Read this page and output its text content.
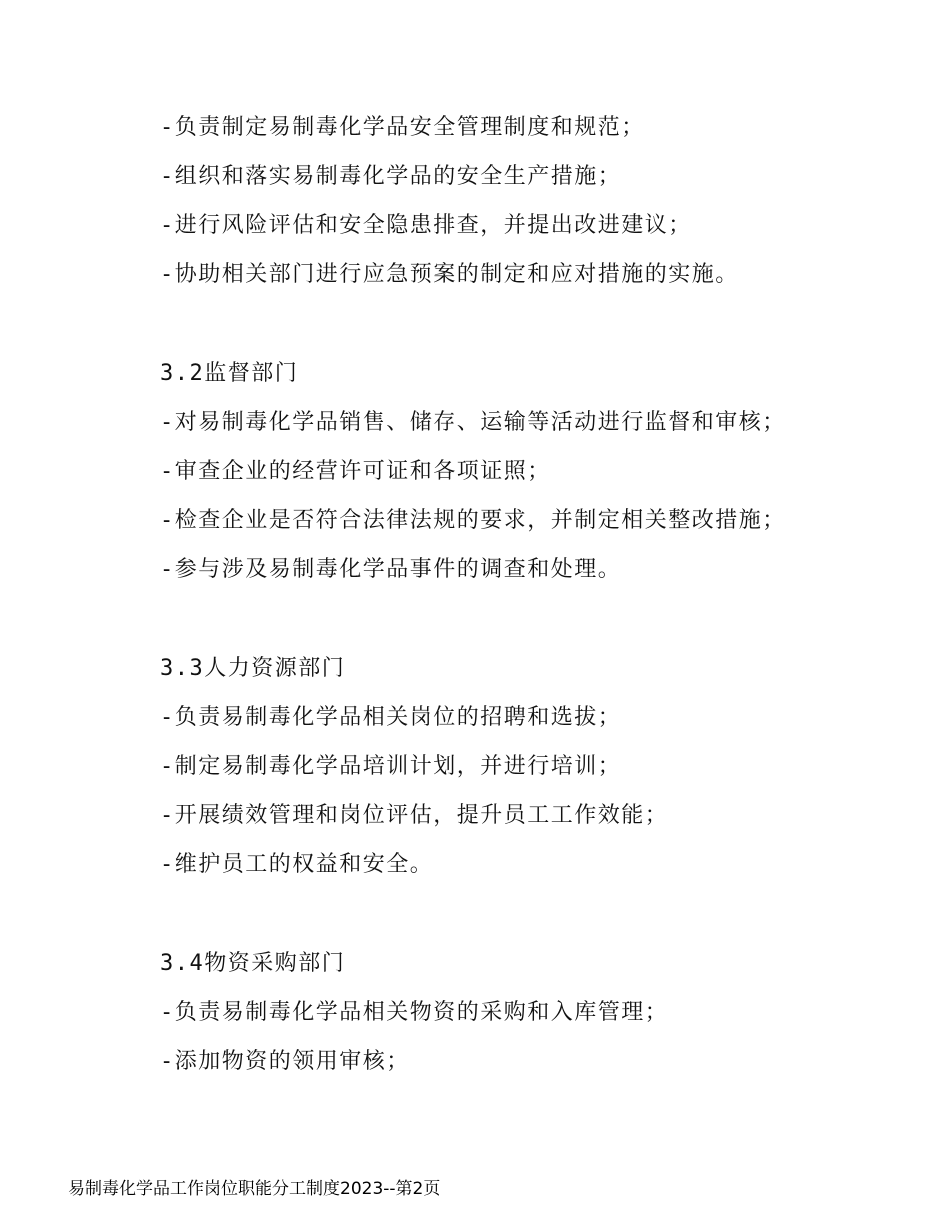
-负责制定易制毒化学品安全管理制度和规范；
-组织和落实易制毒化学品的安全生产措施；
-进行风险评估和安全隐患排查，并提出改进建议；
-协助相关部门进行应急预案的制定和应对措施的实施。
3.2监督部门
-对易制毒化学品销售、储存、运输等活动进行监督和审核；
-审查企业的经营许可证和各项证照；
-检查企业是否符合法律法规的要求，并制定相关整改措施；
-参与涉及易制毒化学品事件的调查和处理。
3.3人力资源部门
-负责易制毒化学品相关岗位的招聘和选拔；
-制定易制毒化学品培训计划，并进行培训；
-开展绩效管理和岗位评估，提升员工工作效能；
-维护员工的权益和安全。
3.4物资采购部门
-负责易制毒化学品相关物资的采购和入库管理；
-添加物资的领用审核；
易制毒化学品工作岗位职能分工制度2023--第2页
